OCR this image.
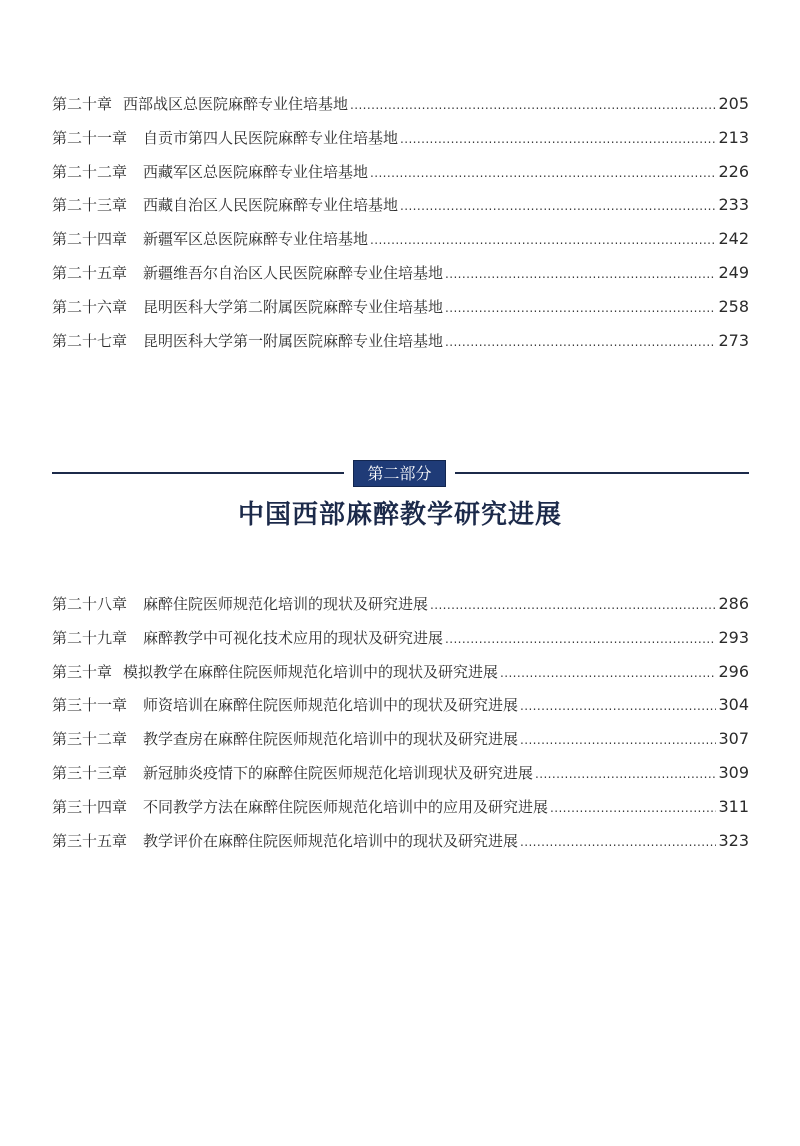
第二十章 西部战区总医院麻醉专业住培基地 .....	205
第二十一章 自贡市第四人民医院麻醉专业住培基地 .....	213
第二十二章 西藏军区总医院麻醉专业住培基地 .....	226
第二十三章 西藏自治区人民医院麻醉专业住培基地 .....	233
第二十四章 新疆军区总医院麻醉专业住培基地 .....	242
第二十五章 新疆维吾尔自治区人民医院麻醉专业住培基地 .....	249
第二十六章 昆明医科大学第二附属医院麻醉专业住培基地 .....	258
第二十七章 昆明医科大学第一附属医院麻醉专业住培基地 .....	273
第二部分
中国西部麻醉教学研究进展
第二十八章 麻醉住院医师规范化培训的现状及研究进展 .....	286
第二十九章 麻醉教学中可视化技术应用的现状及研究进展 .....	293
第三十章 模拟教学在麻醉住院医师规范化培训中的现状及研究进展 .....	296
第三十一章 师资培训在麻醉住院医师规范化培训中的现状及研究进展 .....	304
第三十二章 教学查房在麻醉住院医师规范化培训中的现状及研究进展 .....	307
第三十三章 新冠肺炎疫情下的麻醉住院医师规范化培训现状及研究进展 .....	309
第三十四章 不同教学方法在麻醉住院医师规范化培训中的应用及研究进展 .....	311
第三十五章 教学评价在麻醉住院医师规范化培训中的现状及研究进展 .....	323
